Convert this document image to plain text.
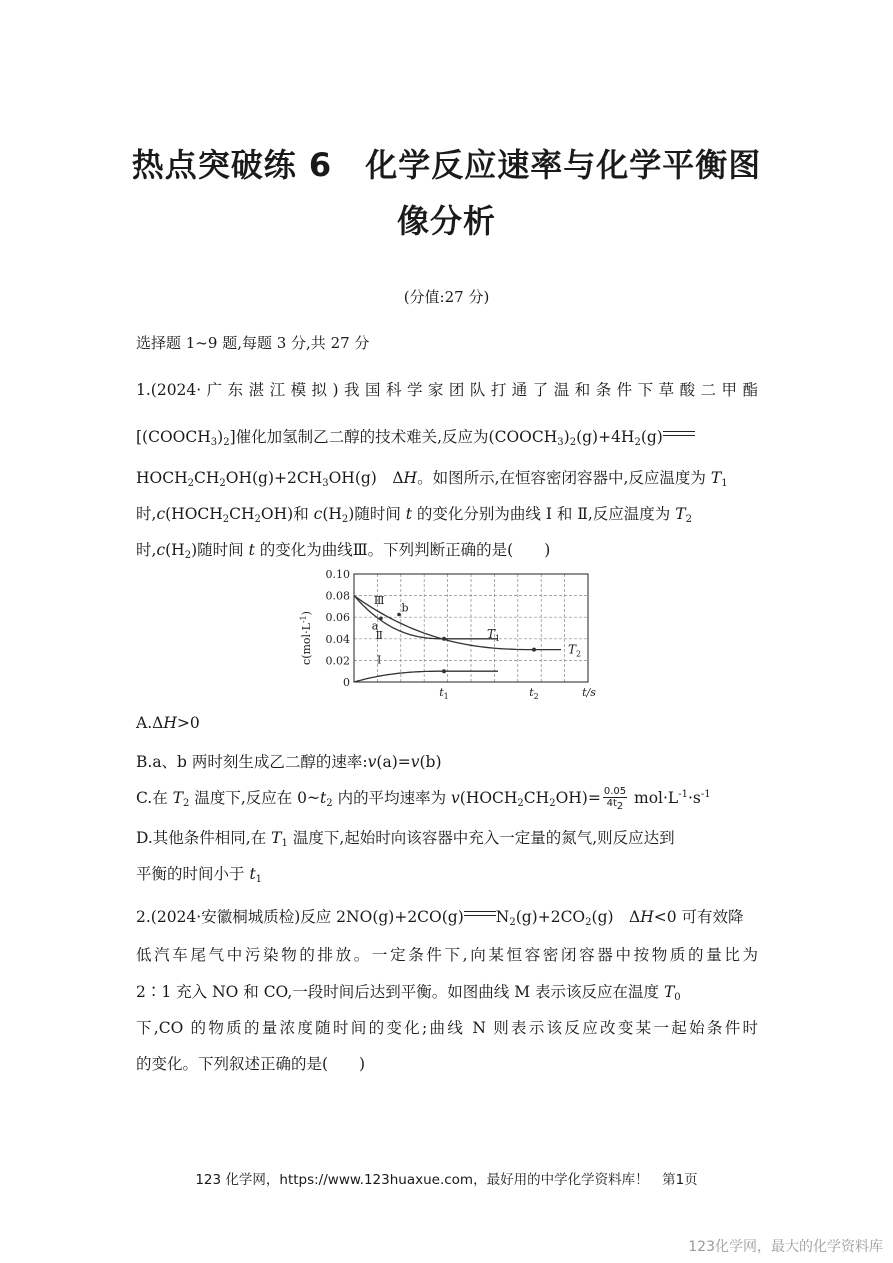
热点突破练 6　化学反应速率与化学平衡图
像分析
(分值:27 分)
选择题 1~9 题,每题 3 分,共 27 分
1.(2024·广东湛江模拟)我国科学家团队打通了温和条件下草酸二甲酯
$[(COOCH_3)_2]$催化加氢制乙二醇的技术难关,反应为$(COOCH_3)_2(g)+4H_2(g)$
$HOCH_2CH_2OH(g)+2CH_3OH(g)$　ΔH。如图所示,在恒容密闭容器中,反应温度为 $T_1$
时$,c(HOCH_2CH_2OH)$和 $c(H_2)$随时间 t 的变化分别为曲线 Ⅰ 和 Ⅱ,反应温度为 $T_2$
时$,c(H_2)$随时间 t 的变化为曲线Ⅲ。下列判断正确的是(　　)
0
0.02
0.04
0.06
0.08
0.10
$c(mol\cdot L^{-1})$
$t_1$	$t_2$	t/s
a
b
Ⅰ
Ⅱ
Ⅲ
$T_1$
$T_2$
A.ΔH>0
B.a、b 两时刻生成乙二醇的速率:v(a)=v(b)
C.在 $T_2$ 温度下,反应在 $0\sim t_2$ 内的平均速率为 $v(HOCH_2CH_2OH)= \frac{0.05}{4t_2} mol\cdot L^{-1}\cdot s^{-1}$
D.其他条件相同,在 $T_1$ 温度下,起始时向该容器中充入一定量的氮气,则反应达到
平衡的时间小于 $t_1$
2.(2024·安徽桐城质检)反应 2NO(g)+2CO(g) $N_2(g)+2CO_2(g)$　ΔH<0 可有效降
低汽车尾气中污染物的排放。一定条件下,向某恒容密闭容器中按物质的量比为
2∶1 充入 NO 和 CO,一段时间后达到平衡。如图曲线 M 表示该反应在温度 $T_0$
下,CO 的物质的量浓度随时间的变化;曲线 N 则表示该反应改变某一起始条件时
的变化。下列叙述正确的是(　　)
123 化学网，https://www.123huaxue.com，最好用的中学化学资料库！　第1页
123化学网，最大的化学资料库
